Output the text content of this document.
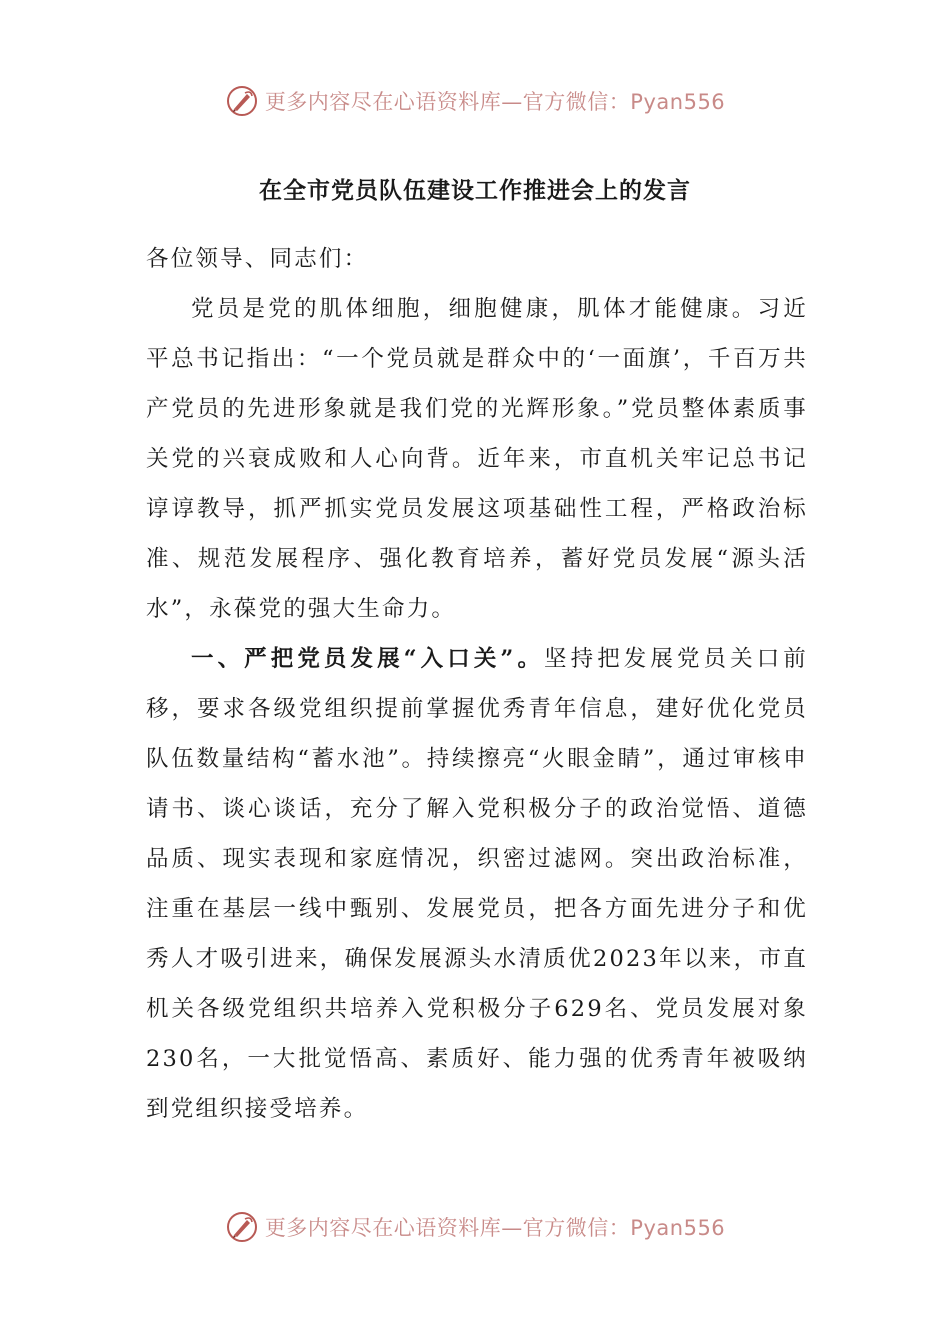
更多内容尽在心语资料库—官方微信：Pyan556
在全市党员队伍建设工作推进会上的发言

各位领导、同志们：

党员是党的肌体细胞，细胞健康，肌体才能健康。习近平总书记指出：“一个党员就是群众中的‘一面旗’，千百万共产党员的先进形象就是我们党的光辉形象。”党员整体素质事关党的兴衰成败和人心向背。近年来，市直机关牢记总书记谆谆教导，抓严抓实党员发展这项基础性工程，严格政治标准、规范发展程序、强化教育培养，蓄好党员发展“源头活水”，永葆党的强大生命力。

一、严把党员发展“入口关”。坚持把发展党员关口前移，要求各级党组织提前掌握优秀青年信息，建好优化党员队伍数量结构“蓄水池”。持续擦亮“火眼金睛”，通过审核申请书、谈心谈话，充分了解入党积极分子的政治觉悟、道德品质、现实表现和家庭情况，织密过滤网。突出政治标准，注重在基层一线中甄别、发展党员，把各方面先进分子和优秀人才吸引进来，确保发展源头水清质优2023年以来，市直机关各级党组织共培养入党积极分子629名、党员发展对象230名，一大批觉悟高、素质好、能力强的优秀青年被吸纳到党组织接受培养。

更多内容尽在心语资料库—官方微信：Pyan556
